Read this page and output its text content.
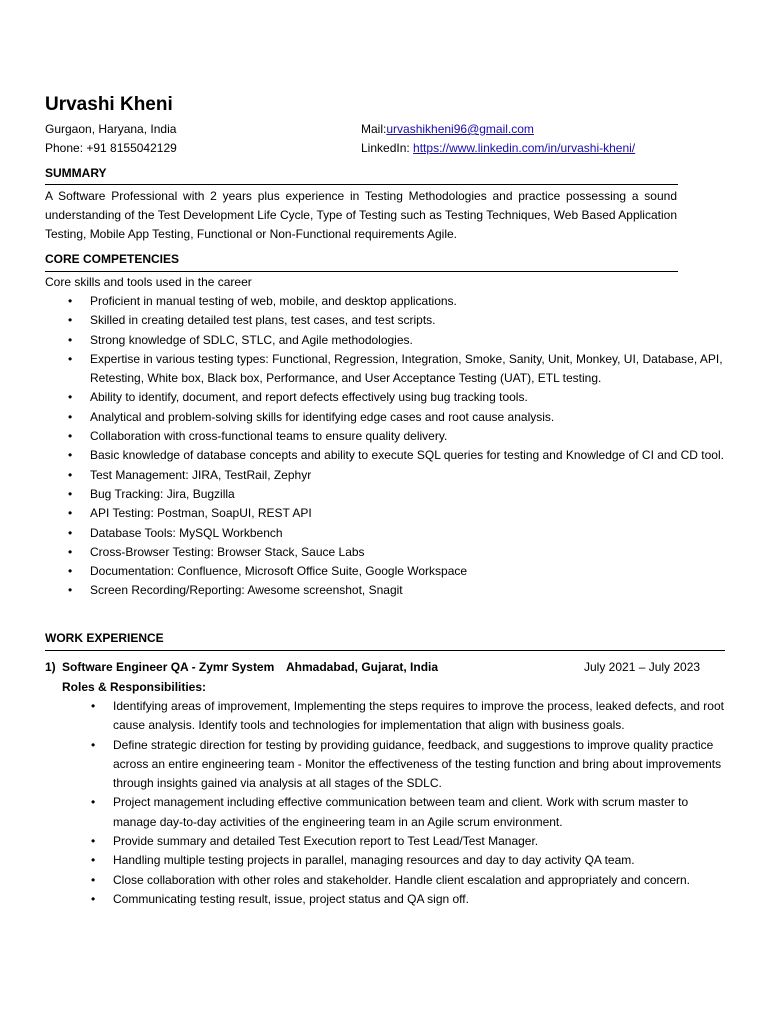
Urvashi Kheni
Gurgaon, Haryana, India
Phone: +91 8155042129
Mail:urvashikheni96@gmail.com
LinkedIn: https://www.linkedin.com/in/urvashi-kheni/
SUMMARY
A Software Professional with 2 years plus experience in Testing Methodologies and practice possessing a sound understanding of the Test Development Life Cycle, Type of Testing such as Testing Techniques, Web Based Application Testing, Mobile App Testing, Functional or Non-Functional requirements Agile.
CORE COMPETENCIES
Core skills and tools used in the career
• Proficient in manual testing of web, mobile, and desktop applications.
• Skilled in creating detailed test plans, test cases, and test scripts.
• Strong knowledge of SDLC, STLC, and Agile methodologies.
• Expertise in various testing types: Functional, Regression, Integration, Smoke, Sanity, Unit, Monkey, UI, Database, API, Retesting, White box, Black box, Performance, and User Acceptance Testing (UAT), ETL testing.
• Ability to identify, document, and report defects effectively using bug tracking tools.
• Analytical and problem-solving skills for identifying edge cases and root cause analysis.
• Collaboration with cross-functional teams to ensure quality delivery.
• Basic knowledge of database concepts and ability to execute SQL queries for testing and Knowledge of CI and CD tool.
• Test Management: JIRA, TestRail, Zephyr
• Bug Tracking: Jira, Bugzilla
• API Testing: Postman, SoapUI, REST API
• Database Tools: MySQL Workbench
• Cross-Browser Testing: Browser Stack, Sauce Labs
• Documentation: Confluence, Microsoft Office Suite, Google Workspace
• Screen Recording/Reporting: Awesome screenshot, Snagit
WORK EXPERIENCE
1) Software Engineer QA - Zymr System Ahmadabad, Gujarat, India	July 2021 – July 2023
Roles & Responsibilities:
• Identifying areas of improvement, Implementing the steps requires to improve the process, leaked defects, and root cause analysis. Identify tools and technologies for implementation that align with business goals.
• Define strategic direction for testing by providing guidance, feedback, and suggestions to improve quality practice across an entire engineering team - Monitor the effectiveness of the testing function and bring about improvements through insights gained via analysis at all stages of the SDLC.
• Project management including effective communication between team and client. Work with scrum master to manage day-to-day activities of the engineering team in an Agile scrum environment.
• Provide summary and detailed Test Execution report to Test Lead/Test Manager.
• Handling multiple testing projects in parallel, managing resources and day to day activity QA team.
• Close collaboration with other roles and stakeholder. Handle client escalation and appropriately and concern.
• Communicating testing result, issue, project status and QA sign off.
